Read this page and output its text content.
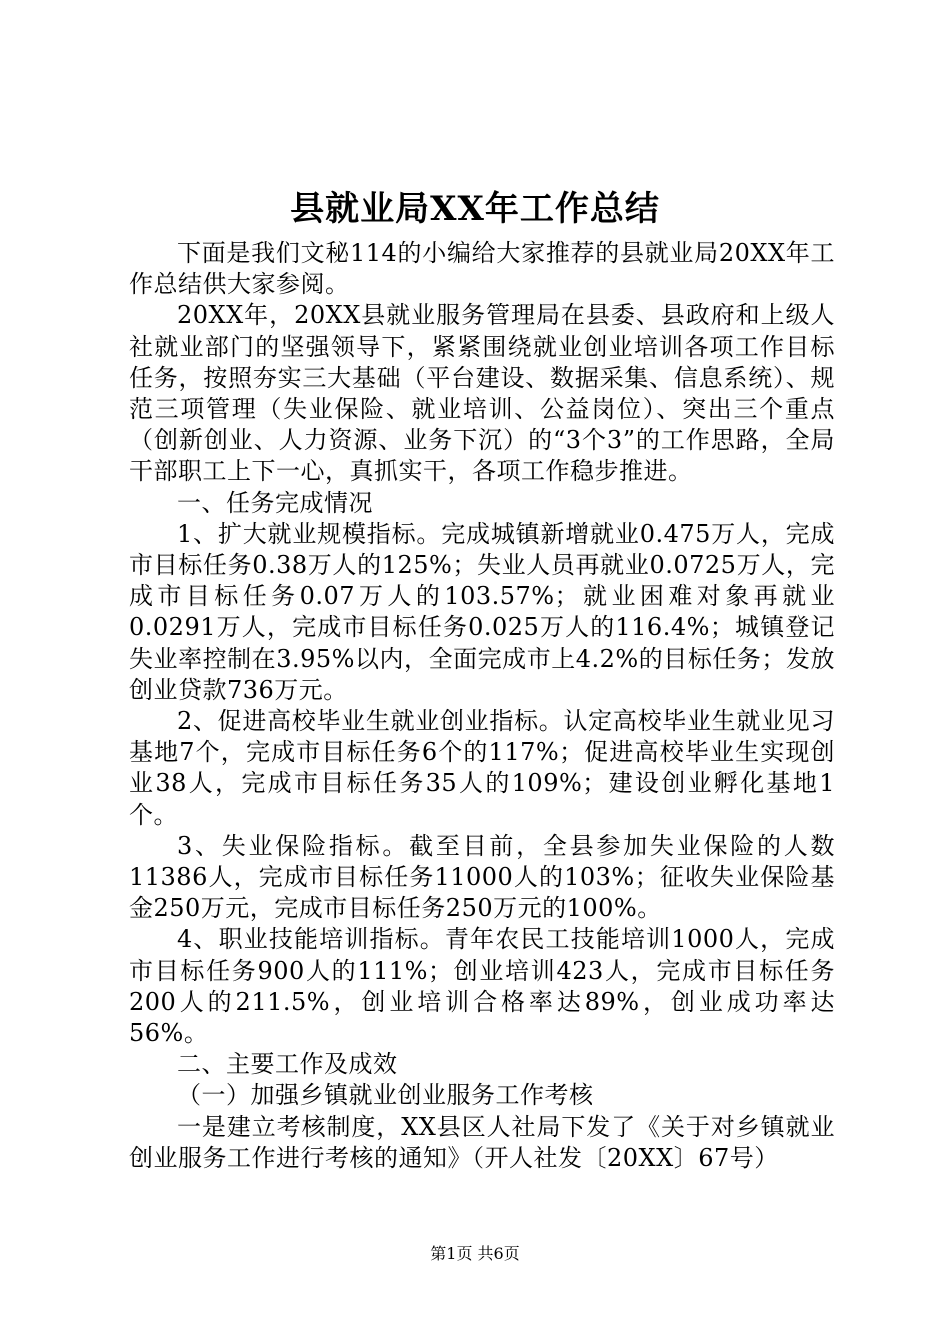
县就业局XX年工作总结

下面是我们文秘114的小编给大家推荐的县就业局20XX年工作总结供大家参阅。

20XX年，20XX县就业服务管理局在县委、县政府和上级人社就业部门的坚强领导下，紧紧围绕就业创业培训各项工作目标任务，按照夯实三大基础（平台建设、数据采集、信息系统）、规范三项管理（失业保险、就业培训、公益岗位）、突出三个重点（创新创业、人力资源、业务下沉）的“3个3”的工作思路，全局干部职工上下一心，真抓实干，各项工作稳步推进。

一、任务完成情况

1、扩大就业规模指标。完成城镇新增就业0.475万人，完成市目标任务0.38万人的125%；失业人员再就业0.0725万人，完成市目标任务0.07万人的103.57%；就业困难对象再就业0.0291万人，完成市目标任务0.025万人的116.4%；城镇登记失业率控制在3.95%以内，全面完成市上4.2%的目标任务；发放创业贷款736万元。

2、促进高校毕业生就业创业指标。认定高校毕业生就业见习基地7个，完成市目标任务6个的117%；促进高校毕业生实现创业38人，完成市目标任务35人的109%；建设创业孵化基地1个。

3、失业保险指标。截至目前，全县参加失业保险的人数11386人，完成市目标任务11000人的103%；征收失业保险基金250万元，完成市目标任务250万元的100%。

4、职业技能培训指标。青年农民工技能培训1000人，完成市目标任务900人的111%；创业培训423人，完成市目标任务200人的211.5%，创业培训合格率达89%，创业成功率达56%。

二、主要工作及成效

（一）加强乡镇就业创业服务工作考核

一是建立考核制度，XX县区人社局下发了《关于对乡镇就业创业服务工作进行考核的通知》（开人社发〔20XX〕67号）

第1页 共6页
